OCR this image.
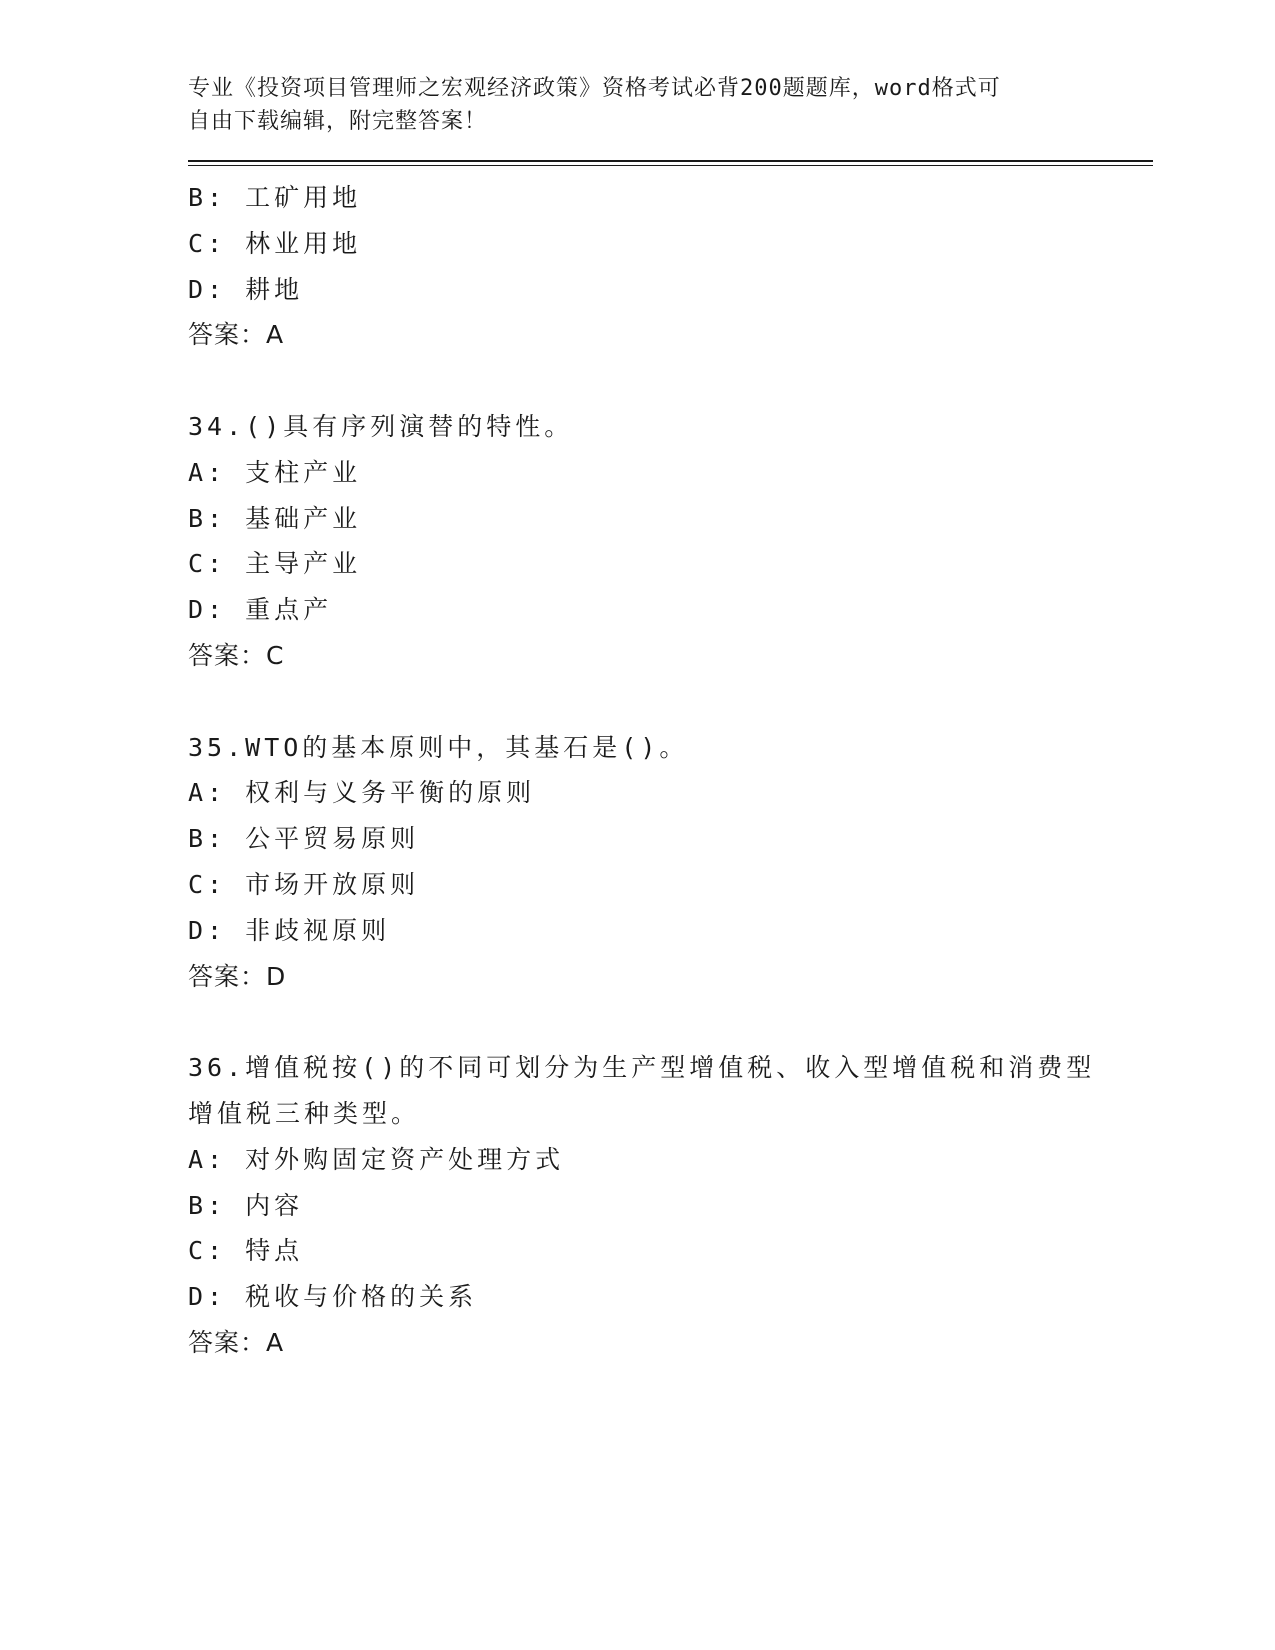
专业《投资项目管理师之宏观经济政策》资格考试必背200题题库，word格式可
自由下载编辑，附完整答案！
B: 工矿用地
C: 林业用地
D: 耕地
答案：A
34.()具有序列演替的特性。
A: 支柱产业
B: 基础产业
C: 主导产业
D: 重点产
答案：C
35.WTO的基本原则中，其基石是()。
A: 权利与义务平衡的原则
B: 公平贸易原则
C: 市场开放原则
D: 非歧视原则
答案：D
36.增值税按()的不同可划分为生产型增值税、收入型增值税和消费型
增值税三种类型。
A: 对外购固定资产处理方式
B: 内容
C: 特点
D: 税收与价格的关系
答案：A
